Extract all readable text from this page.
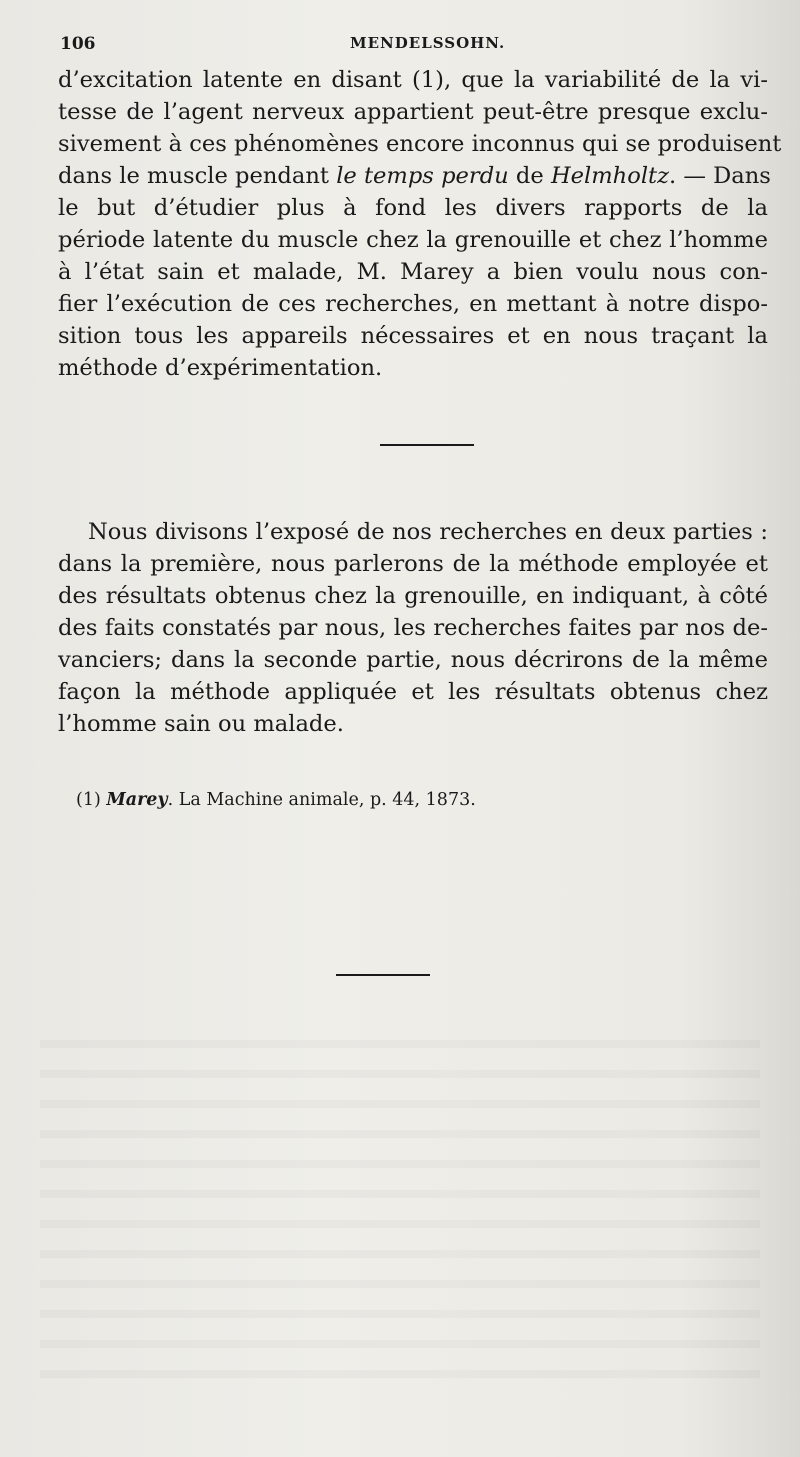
106	MENDELSSOHN.
d’excitation latente en disant (1), que la variabilité de la vi-
tesse de l’agent nerveux appartient peut-être presque exclu-
sivement à ces phénomènes encore inconnus qui se produisent
dans le muscle pendant le temps perdu de Helmholtz. — Dans
le but d’étudier plus à fond les divers rapports de la
période latente du muscle chez la grenouille et chez l’homme
à l’état sain et malade, M. Marey a bien voulu nous con-
fier l’exécution de ces recherches, en mettant à notre dispo-
sition tous les appareils nécessaires et en nous traçant la
méthode d’expérimentation.
Nous divisons l’exposé de nos recherches en deux parties :
dans la première, nous parlerons de la méthode employée et
des résultats obtenus chez la grenouille, en indiquant, à côté
des faits constatés par nous, les recherches faites par nos de-
vanciers; dans la seconde partie, nous décrirons de la même
façon la méthode appliquée et les résultats obtenus chez
l’homme sain ou malade.
(1) Marey. La Machine animale, p. 44, 1873.
